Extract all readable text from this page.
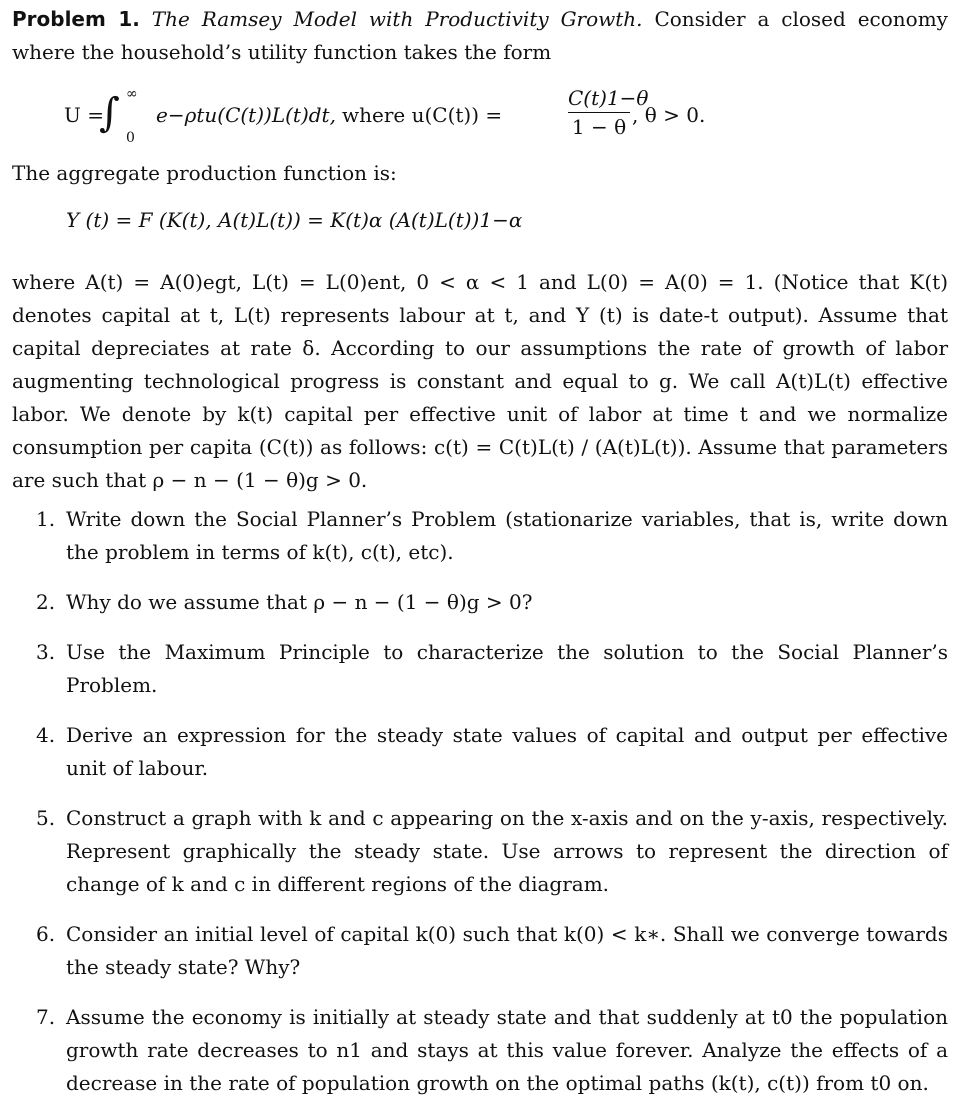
Problem 1. The Ramsey Model with Productivity Growth. Consider a closed economy where the household’s utility function takes the form
U =
∫ ∞
0
e−ρtu(C(t))L(t)dt, where u(C(t)) =	$\frac{C(t)1-\theta}{1 - \theta}$ , θ > 0.
The aggregate production function is:
Y (t) = F (K(t), A(t)L(t)) = K(t)α (A(t)L(t))1−α
where A(t) = A(0)egt, L(t) = L(0)ent, 0 < α < 1 and L(0) = A(0) = 1. (Notice that K(t) denotes capital at t, L(t) represents labour at t, and Y (t) is date-t output). Assume that capital depreciates at rate δ. According to our assumptions the rate of growth of labor augmenting technological progress is constant and equal to g. We call A(t)L(t) effective labor. We denote by k(t) capital per effective unit of labor at time t and we normalize consumption per capita (C(t)) as follows: c(t) = C(t)L(t) / (A(t)L(t)). Assume that parameters are such that ρ − n − (1 − θ)g > 0.
1. Write down the Social Planner’s Problem (stationarize variables, that is, write down the problem in terms of k(t), c(t), etc).
2. Why do we assume that ρ − n − (1 − θ)g > 0?
3. Use the Maximum Principle to characterize the solution to the Social Planner’s Problem.
4. Derive an expression for the steady state values of capital and output per effective unit of labour.
5. Construct a graph with k and c appearing on the x-axis and on the y-axis, respectively. Represent graphically the steady state. Use arrows to represent the direction of change of k and c in different regions of the diagram.
6. Consider an initial level of capital k(0) such that k(0) < k∗. Shall we converge towards the steady state? Why?
7. Assume the economy is initially at steady state and that suddenly at t0 the population growth rate decreases to n1 and stays at this value forever. Analyze the effects of a decrease in the rate of population growth on the optimal paths (k(t), c(t)) from t0 on.
